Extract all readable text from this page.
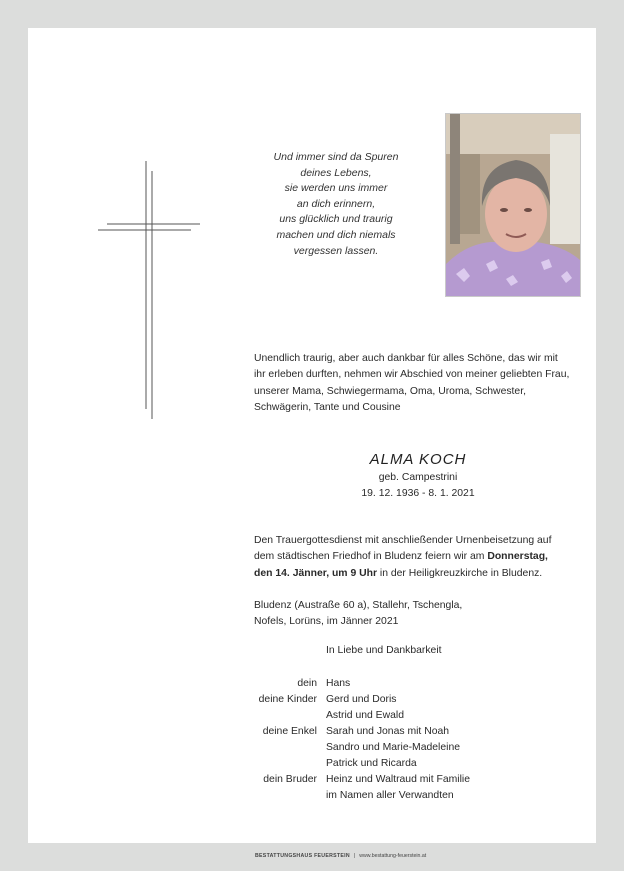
Und immer sind da Spuren
deines Lebens,
sie werden uns immer
an dich erinnern,
uns glücklich und traurig
machen und dich niemals
vergessen lassen.
Unendlich traurig, aber auch dankbar für alles Schöne, das wir mit
ihr erleben durften, nehmen wir Abschied von meiner geliebten Frau,
unserer Mama, Schwiegermama, Oma, Uroma, Schwester,
Schwägerin, Tante und Cousine
ALMA KOCH
geb. Campestrini
19. 12. 1936 - 8. 1. 2021
Den Trauergottesdienst mit anschließender Urnenbeisetzung auf
dem städtischen Friedhof in Bludenz feiern wir am Donnerstag,
den 14. Jänner, um 9 Uhr in der Heiligkreuzkirche in Bludenz.
Bludenz (Austraße 60 a), Stallehr, Tschengla,
Nofels, Lorüns, im Jänner 2021
In Liebe und Dankbarkeit
dein Hans
deine Kinder Gerd und Doris
Astrid und Ewald
deine Enkel Sarah und Jonas mit Noah
Sandro und Marie-Madeleine
Patrick und Ricarda
dein Bruder Heinz und Waltraud mit Familie
im Namen aller Verwandten
BESTATTUNGSHAUS FEUERSTEIN | www.bestattung-feuerstein.at
